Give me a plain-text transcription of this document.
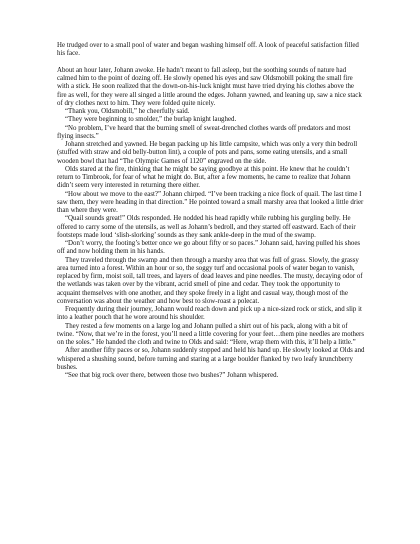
He trudged over to a small pool of water and began washing himself off. A look of peaceful satisfaction filled his face.

About an hour later, Johann awoke. He hadn’t meant to fall asleep, but the soothing sounds of nature had calmed him to the point of dozing off. He slowly opened his eyes and saw Oldsmobill poking the small fire with a stick. He soon realized that the down-on-his-luck knight must have tried drying his clothes above the fire as well, for they were all singed a little around the edges. Johann yawned, and leaning up, saw a nice stack of dry clothes next to him. They were folded quite nicely.

“Thank you, Oldsmobill,” he cheerfully said.

“They were beginning to smolder,” the burlap knight laughed.

“No problem, I’ve heard that the burning smell of sweat-drenched clothes wards off predators and most flying insects.”

Johann stretched and yawned. He began packing up his little campsite, which was only a very thin bedroll (stuffed with straw and old belly-button lint), a couple of pots and pans, some eating utensils, and a small wooden bowl that had “The Olympic Games of 1120” engraved on the side.

Olds stared at the fire, thinking that he might be saying goodbye at this point. He knew that he couldn’t return to Timbrook, for fear of what he might do. But, after a few moments, he came to realize that Johann didn’t seem very interested in returning there either.

“How about we move to the east?” Johann chirped. “I’ve been tracking a nice flock of quail. The last time I saw them, they were heading in that direction.” He pointed toward a small marshy area that looked a little drier than where they were.

“Quail sounds great!” Olds responded. He nodded his head rapidly while rubbing his gurgling belly. He offered to carry some of the utensils, as well as Johann’s bedroll, and they started off eastward. Each of their footsteps made loud ‘slish-slorking’ sounds as they sank ankle-deep in the mud of the swamp.

“Don’t worry, the footing’s better once we go about fifty or so paces.” Johann said, having pulled his shoes off and now holding them in his hands.

They traveled through the swamp and then through a marshy area that was full of grass. Slowly, the grassy area turned into a forest. Within an hour or so, the soggy turf and occasional pools of water began to vanish, replaced by firm, moist soil, tall trees, and layers of dead leaves and pine needles. The musty, decaying odor of the wetlands was taken over by the vibrant, acrid smell of pine and cedar. They took the opportunity to acquaint themselves with one another, and they spoke freely in a light and casual way, though most of the conversation was about the weather and how best to slow-roast a polecat.

Frequently during their journey, Johann would reach down and pick up a nice-sized rock or stick, and slip it into a leather pouch that he wore around his shoulder.

They rested a few moments on a large log and Johann pulled a shirt out of his pack, along with a bit of twine. “Now, that we’re in the forest, you’ll need a little covering for your feet…them pine needles are mothers on the soles.” He handed the cloth and twine to Olds and said: “Here, wrap them with this, it’ll help a little.”

After another fifty paces or so, Johann suddenly stopped and held his hand up. He slowly looked at Olds and whispered a shushing sound, before turning and staring at a large boulder flanked by two leafy krunchberry bushes.

“See that big rock over there, between those two bushes?” Johann whispered.
